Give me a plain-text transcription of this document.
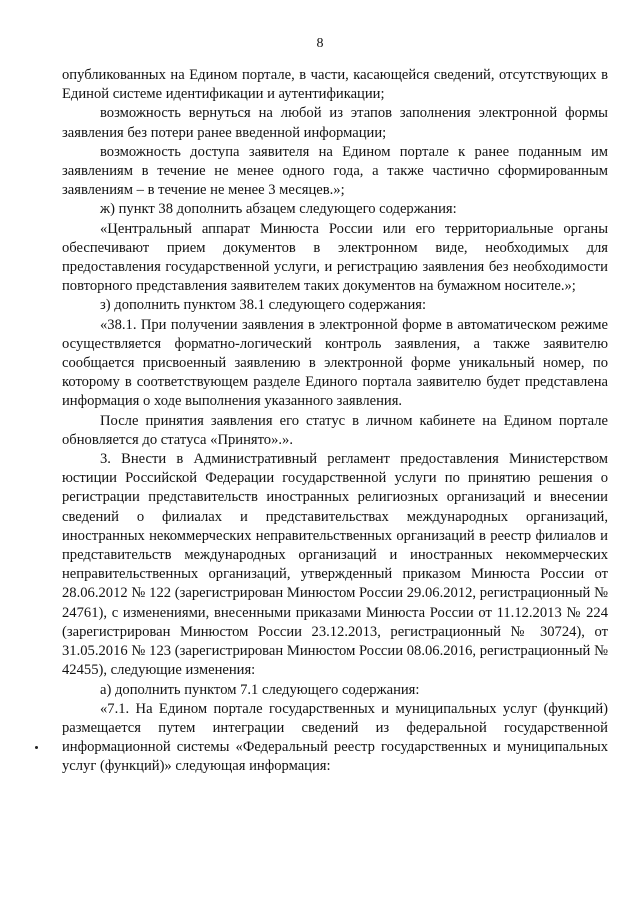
8

опубликованных на Едином портале, в части, касающейся сведений, отсутствующих в Единой системе идентификации и аутентификации;

возможность вернуться на любой из этапов заполнения электронной формы заявления без потери ранее введенной информации;

возможность доступа заявителя на Едином портале к ранее поданным им заявлениям в течение не менее одного года, а также частично сформированным заявлениям – в течение не менее 3 месяцев.»;

ж) пункт 38 дополнить абзацем следующего содержания:

«Центральный аппарат Минюста России или его территориальные органы обеспечивают прием документов в электронном виде, необходимых для предоставления государственной услуги, и регистрацию заявления без необходимости повторного представления заявителем таких документов на бумажном носителе.»;

з) дополнить пунктом 38.1 следующего содержания:

«38.1. При получении заявления в электронной форме в автоматическом режиме осуществляется форматно-логический контроль заявления, а также заявителю сообщается присвоенный заявлению в электронной форме уникальный номер, по которому в соответствующем разделе Единого портала заявителю будет представлена информация о ходе выполнения указанного заявления.

После принятия заявления его статус в личном кабинете на Едином портале обновляется до статуса «Принято».».

3. Внести в Административный регламент предоставления Министерством юстиции Российской Федерации государственной услуги по принятию решения о регистрации представительств иностранных религиозных организаций и внесении сведений о филиалах и представительствах международных организаций, иностранных некоммерческих неправительственных организаций в реестр филиалов и представительств международных организаций и иностранных некоммерческих неправительственных организаций, утвержденный приказом Минюста России от 28.06.2012 № 122 (зарегистрирован Минюстом России 29.06.2012, регистрационный № 24761), с изменениями, внесенными приказами Минюста России от 11.12.2013 № 224 (зарегистрирован Минюстом России 23.12.2013, регистрационный № 30724), от 31.05.2016 № 123 (зарегистрирован Минюстом России 08.06.2016, регистрационный № 42455), следующие изменения:

а) дополнить пунктом 7.1 следующего содержания:

«7.1. На Едином портале государственных и муниципальных услуг (функций) размещается путем интеграции сведений из федеральной государственной информационной системы «Федеральный реестр государственных и муниципальных услуг (функций)» следующая информация:
